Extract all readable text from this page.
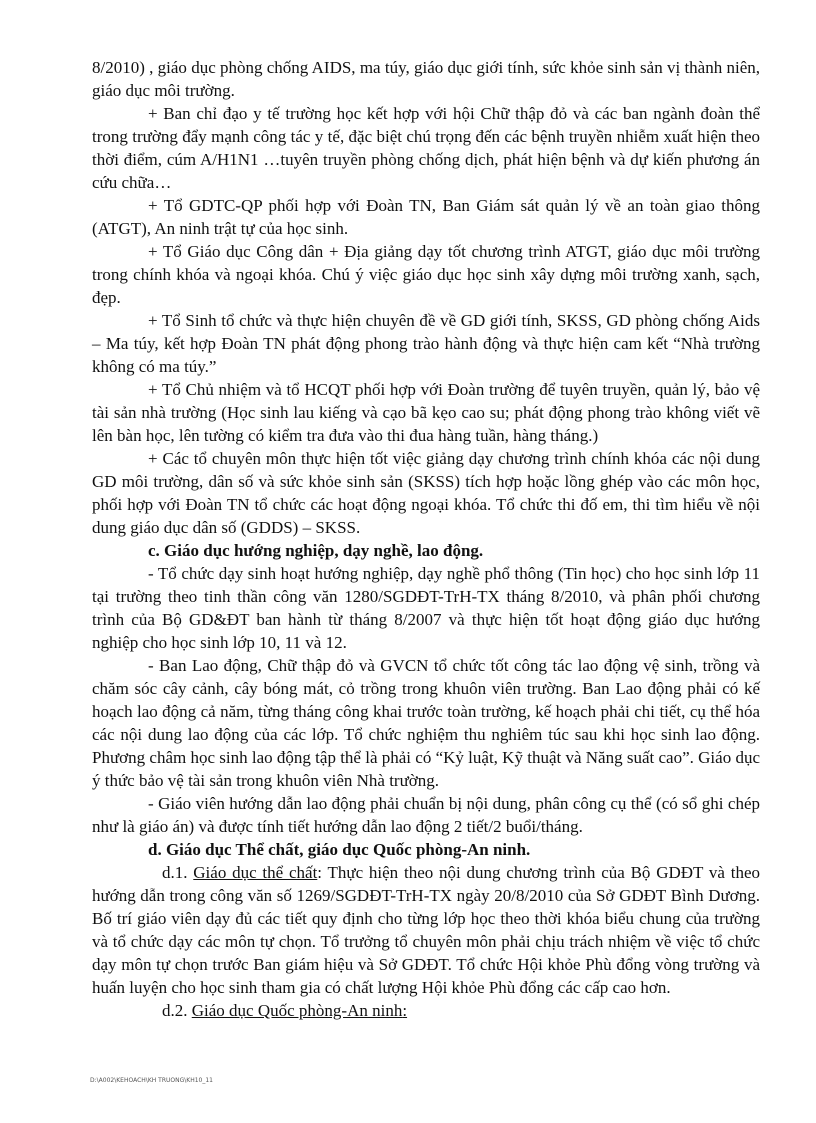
8/2010) , giáo dục phòng chống AIDS, ma túy, giáo dục giới tính, sức khỏe sinh sản vị thành niên, giáo dục môi trường.

+ Ban chỉ đạo y tế trường học kết hợp với hội Chữ thập đỏ và các ban ngành đoàn thể trong trường đẩy mạnh công tác y tế, đặc biệt chú trọng đến các bệnh truyền nhiễm xuất hiện theo thời điểm, cúm A/H1N1 …tuyên truyền phòng chống dịch, phát hiện bệnh và dự kiến phương án cứu chữa…

+ Tổ GDTC-QP phối hợp với Đoàn TN, Ban Giám sát quản lý về an toàn giao thông (ATGT), An ninh trật tự của học sinh.

+ Tổ Giáo dục Công dân + Địa giảng dạy tốt chương trình ATGT, giáo dục môi trường trong chính khóa và ngoại khóa. Chú ý việc giáo dục học sinh xây dựng môi trường xanh, sạch, đẹp.

+ Tổ Sinh tổ chức và thực hiện chuyên đề về GD giới tính, SKSS, GD phòng chống Aids – Ma túy, kết hợp Đoàn TN phát động phong trào hành động và thực hiện cam kết “Nhà trường không có ma túy.”

+ Tổ Chủ nhiệm và tổ HCQT phối hợp với Đoàn trường để tuyên truyền, quản lý, bảo vệ tài sản nhà trường (Học sinh lau kiếng và cạo bã kẹo cao su; phát động phong trào không viết vẽ lên bàn học, lên tường có kiểm tra đưa vào thi đua hàng tuần, hàng tháng.)

+ Các tổ chuyên môn thực hiện tốt việc giảng dạy chương trình chính khóa các nội dung GD môi trường, dân số và sức khỏe sinh sản (SKSS) tích hợp hoặc lồng ghép vào các môn học, phối hợp với Đoàn TN tổ chức các hoạt động ngoại khóa. Tổ chức thi đố em, thi tìm hiểu về nội dung giáo dục dân số (GDDS) – SKSS.

c. Giáo dục hướng nghiệp, dạy nghề, lao động.

- Tổ chức dạy sinh hoạt hướng nghiệp, dạy nghề phổ thông (Tin học) cho học sinh lớp 11 tại trường theo tinh thần công văn 1280/SGDĐT-TrH-TX tháng 8/2010, và phân phối chương trình của Bộ GD&ĐT ban hành từ tháng 8/2007 và thực hiện tốt hoạt động giáo dục hướng nghiệp cho học sinh lớp 10, 11 và 12.

- Ban Lao động, Chữ thập đỏ và GVCN tổ chức tốt công tác lao động vệ sinh, trồng và chăm sóc cây cảnh, cây bóng mát, cỏ trồng trong khuôn viên trường. Ban Lao động phải có kế hoạch lao động cả năm, từng tháng công khai trước toàn trường, kế hoạch phải chi tiết, cụ thể hóa các nội dung lao động của các lớp. Tổ chức nghiệm thu nghiêm túc sau khi học sinh lao động. Phương châm học sinh lao động tập thể là phải có “Kỷ luật, Kỹ thuật và Năng suất cao”. Giáo dục ý thức bảo vệ tài sản trong khuôn viên Nhà trường.

- Giáo viên hướng dẫn lao động phải chuẩn bị nội dung, phân công cụ thể (có sổ ghi chép như là giáo án) và được tính tiết hướng dẫn lao động 2 tiết/2 buổi/tháng.

d. Giáo dục Thể chất, giáo dục Quốc phòng-An ninh.

d.1. Giáo dục thể chất: Thực hiện theo nội dung chương trình của Bộ GDĐT và theo hướng dẫn trong công văn số 1269/SGDĐT-TrH-TX ngày 20/8/2010 của Sở GDĐT Bình Dương. Bố trí giáo viên dạy đủ các tiết quy định cho từng lớp học theo thời khóa biểu chung của trường và tổ chức dạy các môn tự chọn. Tổ trưởng tổ chuyên môn phải chịu trách nhiệm về việc tổ chức dạy môn tự chọn trước Ban giám hiệu và Sở GDĐT. Tổ chức Hội khỏe Phù đổng vòng trường và huấn luyện cho học sinh tham gia có chất lượng Hội khỏe Phù đổng các cấp cao hơn.

d.2. Giáo dục Quốc phòng-An ninh:

D:\A002\KEHOACH\KH TRUONG\KH10_11
